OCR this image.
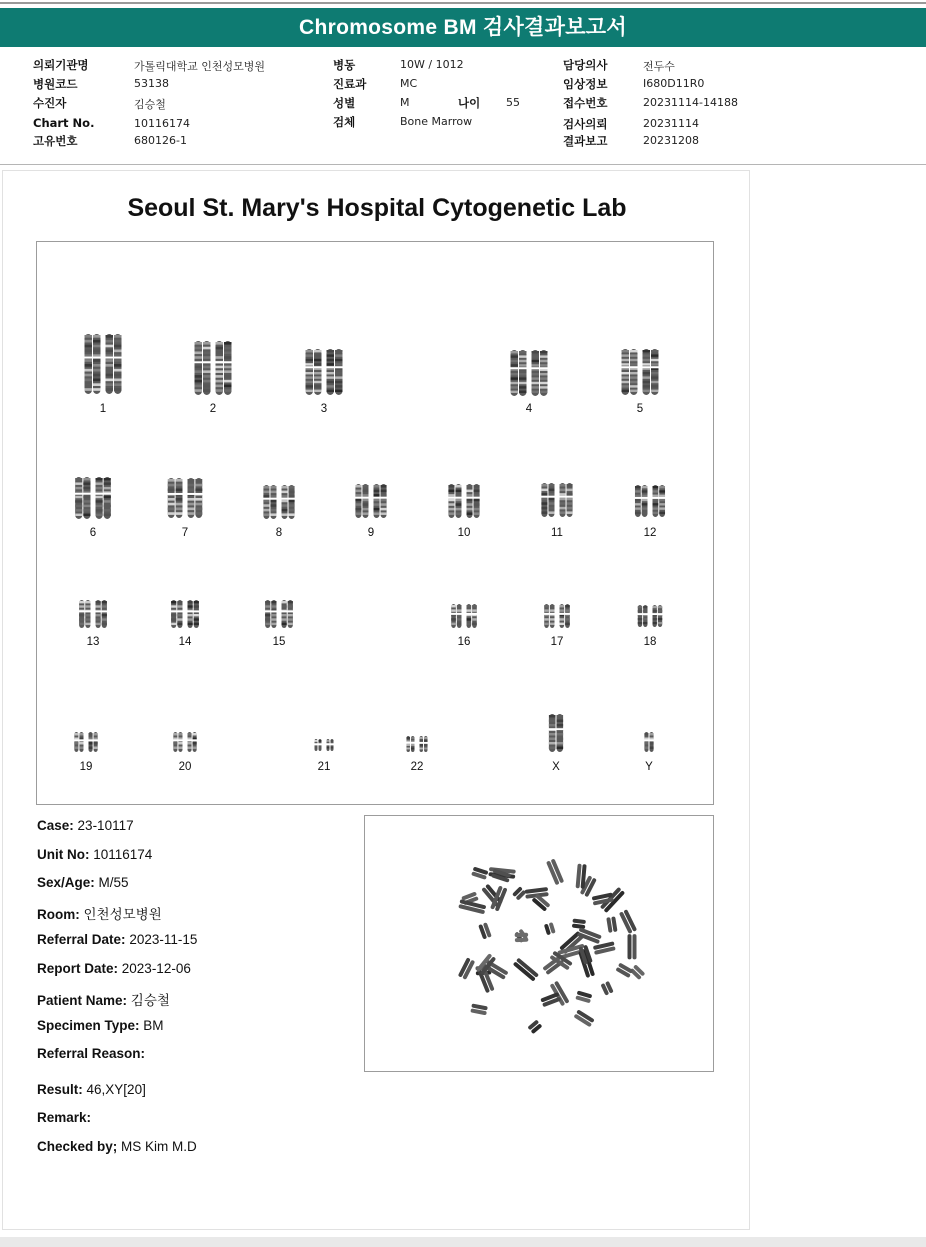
Chromosome BM 검사결과보고서
의뢰기관명	가톨릭대학교 인천성모병원
병원코드	53138
수진자	김승철
Chart No.	10116174
고유번호	680126-1
병동	10W / 1012
진료과	MC
성별	M	나이 55
검체	Bone Marrow
담당의사	전두수
임상정보	I680D11R0
접수번호	20231114-14188
검사의뢰	20231114
결과보고	20231208
Seoul St. Mary's Hospital Cytogenetic Lab
1	2	3	4	5
6	7	8	9	10	11	12
13	14	15	16	17	18
19	20	21	22	X	Y
Case: 23-10117
Unit No: 10116174
Sex/Age: M/55
Room: 인천성모병원
Referral Date: 2023-11-15
Report Date: 2023-12-06
Patient Name: 김승철
Specimen Type: BM
Referral Reason:
Result: 46,XY[20]
Remark:
Checked by; MS Kim M.D
